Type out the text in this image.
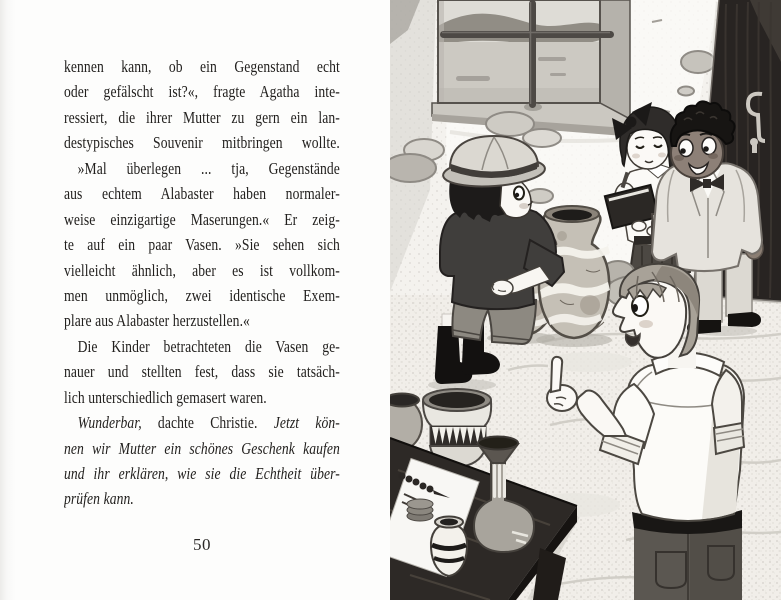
kennen kann, ob ein Gegenstand echt
oder gefälscht ist?«, fragte Agatha inte-
ressiert, die ihrer Mutter zu gern ein lan-
destypisches Souvenir mitbringen wollte.
»Mal überlegen ... tja, Gegenstände
aus echtem Alabaster haben normaler-
weise einzigartige Maserungen.« Er zeig-
te auf ein paar Vasen. »Sie sehen sich
vielleicht ähnlich, aber es ist vollkom-
men unmöglich, zwei identische Exem-
plare aus Alabaster herzustellen.«
Die Kinder betrachteten die Vasen ge-
nauer und stellten fest, dass sie tatsäch-
lich unterschiedlich gemasert waren.
Wunderbar, dachte Christie. Jetzt kön-
nen wir Mutter ein schönes Geschenk kaufen
und ihr erklären, wie sie die Echtheit über-
prüfen kann.
50
